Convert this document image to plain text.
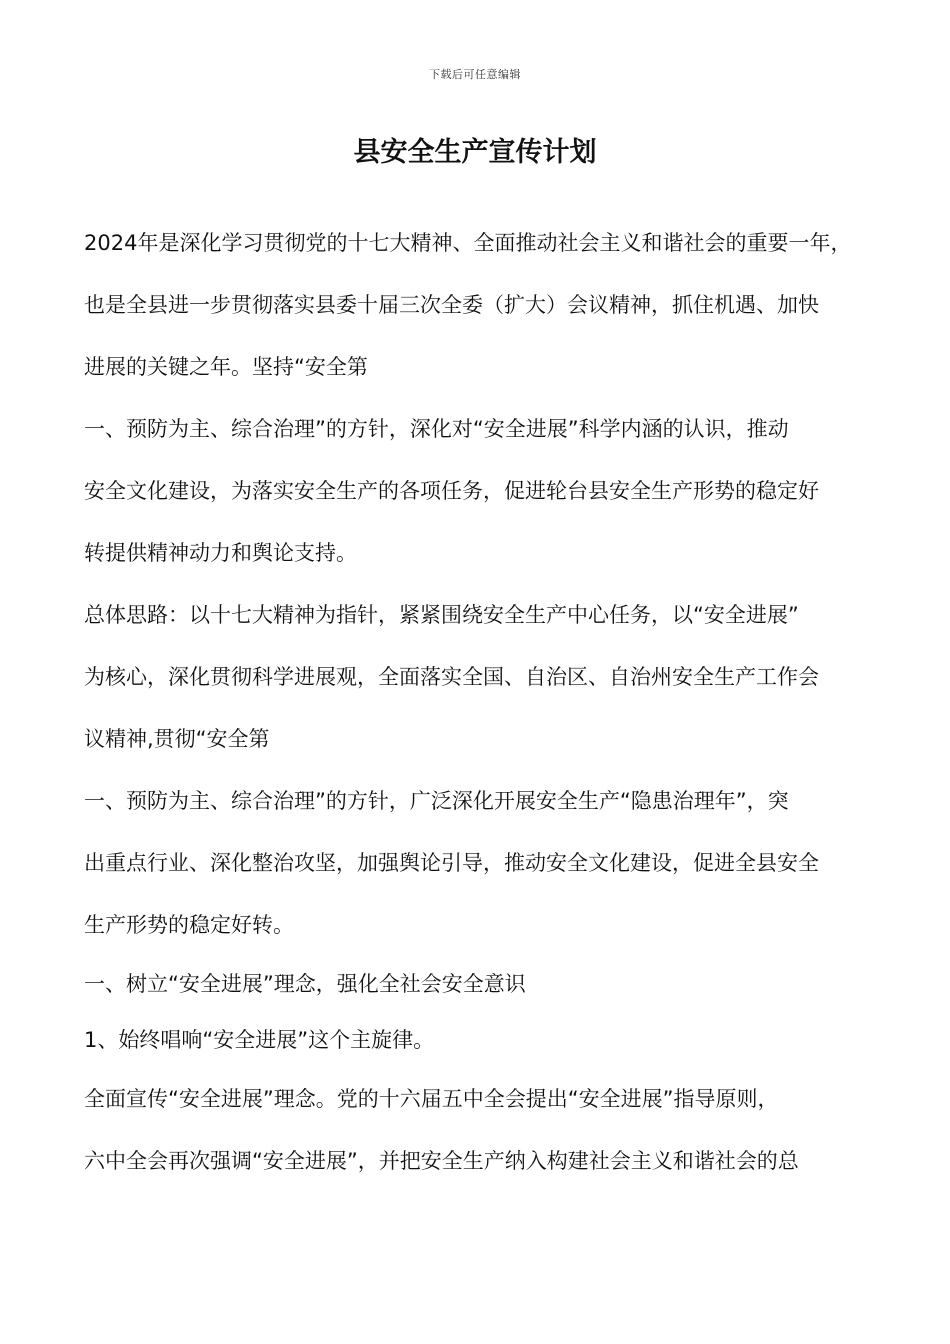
下载后可任意编辑
县安全生产宣传计划

2024年是深化学习贯彻党的十七大精神、全面推动社会主义和谐社会的重要一年，
也是全县进一步贯彻落实县委十届三次全委（扩大）会议精神，抓住机遇、加快
进展的关键之年。坚持“安全第

一、预防为主、综合治理”的方针，深化对“安全进展”科学内涵的认识，推动
安全文化建设，为落实安全生产的各项任务，促进轮台县安全生产形势的稳定好
转提供精神动力和舆论支持。

总体思路：以十七大精神为指针，紧紧围绕安全生产中心任务，以“安全进展”
为核心，深化贯彻科学进展观，全面落实全国、自治区、自治州安全生产工作会
议精神,贯彻“安全第

一、预防为主、综合治理”的方针，广泛深化开展安全生产“隐患治理年”，突
出重点行业、深化整治攻坚，加强舆论引导，推动安全文化建设，促进全县安全
生产形势的稳定好转。

一、树立“安全进展”理念，强化全社会安全意识

1、始终唱响“安全进展”这个主旋律。

全面宣传“安全进展”理念。党的十六届五中全会提出“安全进展”指导原则，
六中全会再次强调“安全进展”，并把安全生产纳入构建社会主义和谐社会的总
